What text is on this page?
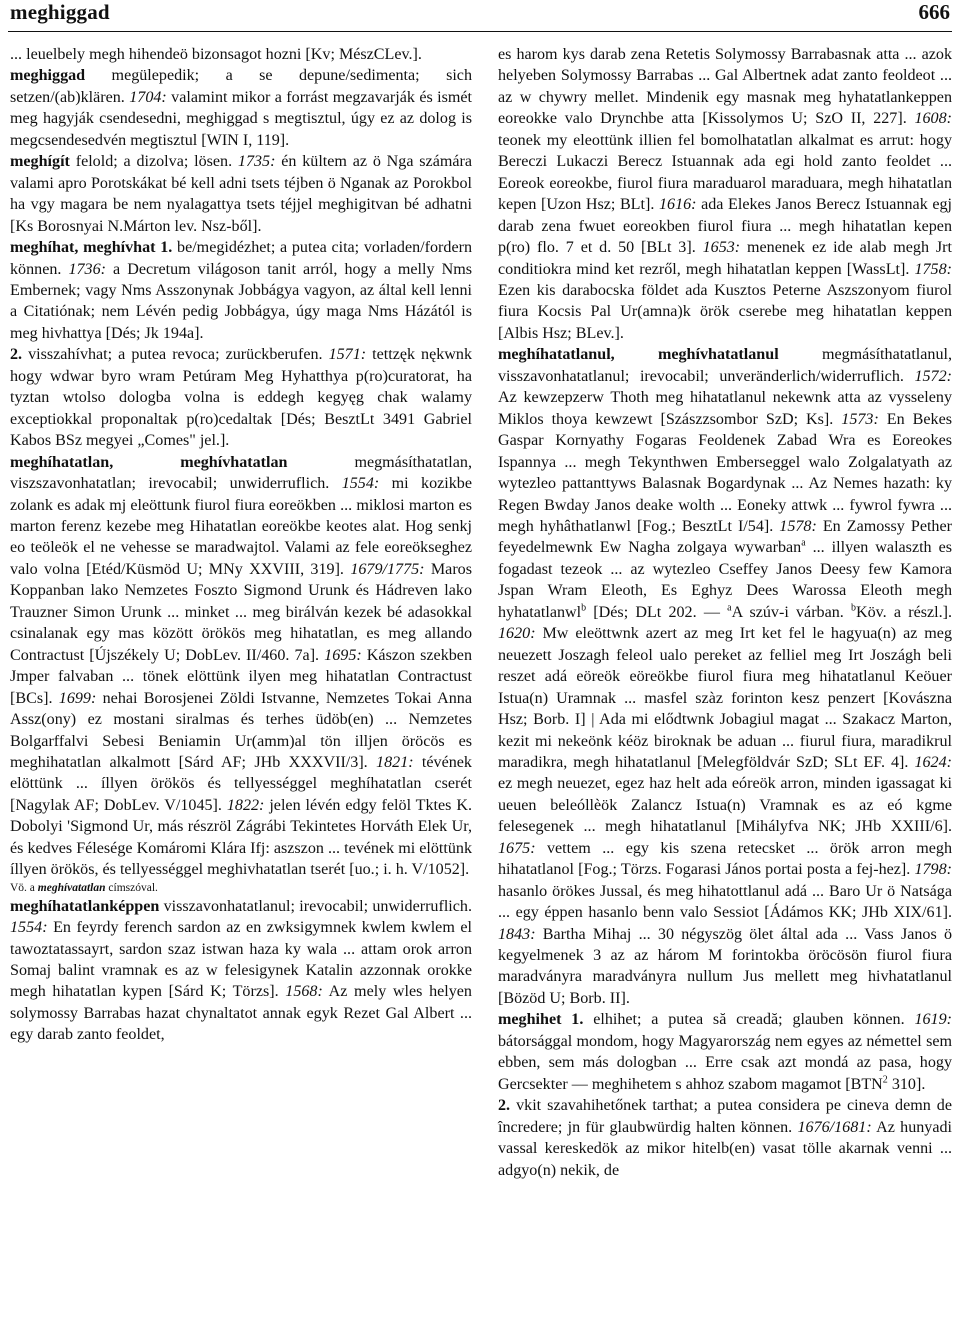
meghiggad	666

... leuelbely megh hihendeö bizonsagot hozni [Kv; MészCLev.].

meghiggad megülepedik; a se depune/sedimenta; sich setzen/(ab)klären. 1704: valamint mikor a forrást megzavarják és ismét meg hagyják csendesedni, meghiggad s megtisztul, úgy ez az dolog is megcsendesedvén megtisztul [WIN I, 119].

meghígít felold; a dizolva; lösen. 1735: én kültem az ö Nga számára valami apro Porotskákat bé kell adni tsets téjben ö Nganak az Porokbol ha vgy magara be nem nyalagattya tsets téjjel meghigitvan bé adhatni [Ks Borosnyai N.Márton lev. Nsz-ből].

meghíhat, meghívhat 1. be/megidézhet; a putea cita; vorladen/fordern können. 1736: a Decretum világoson tanit arról, hogy a melly Nms Embernek; vagy Nms Asszonynak Jobbágya vagyon, az által kell lenni a Citatiónak; nem Lévén pedig Jobbágya, úgy maga Nms Házától is meg hivhattya [Dés; Jk 194a].

2. visszahívhat; a putea revoca; zurückberufen. 1571: tettzęk nękwnk hogy wdwar byro wram Petúram Meg Hyhatthya p(ro)curatorat, ha tyztan wtolso dologba volna is eddegh kegyęg chak walamy exceptiokkal proponaltak p(ro)cedaltak [Dés; BesztLt 3491 Gabriel Kabos BSz megyei „Comes" jel.].

meghíhatatlan, meghívhatatlan megmásíthatatlan, viszszavonhatatlan; irevocabil; unwiderruflich. 1554: mi kozikbe zolank es adak mj eleöttunk fiurol fiura eoreökben ... miklosi marton es marton ferenz kezebe meg Hihatatlan eoreökbe keotes alat. Hog senkj eo teöleök el ne vehesse se maradwajtol. Valami az fele eoreökseghez valo volna [Etéd/Küsmöd U; MNy XXVIII, 319]. 1679/1775: Maros Koppanban lako Nemzetes Foszto Sigmond Urunk és Hádreven lako Trauzner Simon Urunk ... minket ... meg birálván kezek bé adasokkal csinalanak egy mas között örökös meg hihatatlan, es meg allando Contractust [Újszékely U; DobLev. II/460. 7a]. 1695: Kászon szekben Jmper falvaban ... tönek elöttünk ilyen meg hihatatlan Contractust [BCs]. 1699: nehai Borosjenei Zöldi Istvanne, Nemzetes Tokai Anna Assz(ony) ez mostani siralmas és terhes üdöb(en) ... Nemzetes Bolgarffalvi Sebesi Beniamin Ur(amm)al tön illjen öröcös es meghihatatlan alkalmott [Sárd AF; JHb XXXVII/3]. 1821: tévének elöttünk ... íllyen örökös és tellyességgel meghíhatatlan cserét [Nagylak AF; DobLev. V/1045]. 1822: jelen lévén edgy felöl Tktes K. Dobolyi 'Sigmond Ur, más részröl Zágrábi Tekintetes Horváth Elek Ur, és kedves Félesége Komáromi Klára Ifj: aszszon ... tevének mi elöttünk íllyen örökös, és tellyességgel meghivhatatlan tserét [uo.; i. h. V/1052].

Vö. a meghívatatlan címszóval.

meghíhatatlanképpen visszavonhatatlanul; irevocabil; unwiderruflich. 1554: En feyrdy ferench sardon az en zwksigymnek kwlem kwlem el tawoztatassayrt, sardon szaz istwan haza ky wala ... attam orok arron Somaj balint vramnak es az w felesigynek Katalin azzonnak orokke megh hihatatlan kypen [Sárd K; Törzs]. 1568: Az mely wles helyen solymossy Barrabas hazat chynaltatot annak egyk Rezet Gal Albert ... egy darab zanto feoldet,

es harom kys darab zena Retetis Solymossy Barrabasnak atta ... azok helyeben Solymossy Barrabas ... Gal Albertnek adat zanto feoldeot ... az w chywry mellet. Mindenik egy masnak meg hyhatatlankeppen eoreokke valo Drynchbe atta [Kissolymos U; SzO II, 227]. 1608: teonek my eleottünk illien fel bomolhatatlan alkalmat es arrut: hogy Bereczi Lukaczi Berecz Istuannak ada egi hold zanto feoldet ... Eoreok eoreokbe, fiurol fiura maraduarol maraduara, megh hihatatlan kepen [Uzon Hsz; BLt]. 1616: ada Elekes Janos Berecz Istuannak egj darab zena fwuet eoreokben fiurol fiura ... megh hihatatlan kepen p(ro) flo. 7 et d. 50 [BLt 3]. 1653: menenek ez ide alab megh Jrt conditiokra mind ket rezről, megh hihatatlan keppen [WassLt]. 1758: Ezen kis darabocska földet ada Kusztos Peterne Aszszonyom fiurol fiura Kocsis Pal Ur(amna)k örök cserebe meg hihatatlan keppen [Albis Hsz; BLev.].

meghíhatatlanul, meghívhatatlanul megmásíthatatlanul, visszavonhatatlanul; irevocabil; unveränderlich/widerruflich. 1572: Az kewzepzerw Thoth meg hihatatlanul nekewnk atta az vysseleny Miklos thoya kewzewt [Szászzsombor SzD; Ks]. 1573: En Bekes Gaspar Kornyathy Fogaras Feoldenek Zabad Wra es Eoreokes Ispannya ... megh Tekynthwen Emberseggel walo Zolgalatyath az wytezleo pattanttyws Balasnak Bogardynak ... Az Nemes hazath: ky Regen Bwday Janos deake wolth ... Eoneky attwk ... fywrol fywra ... megh hyhâthatlanwl [Fog.; BesztLt I/54]. 1578: En Zamossy Pether feyedelmewnk Ew Nagha zolgaya wywarban$^a$ ... illyen walaszth es fogadast tezeok ... az wytezleo Cseffey Janos Deesy few Kamora Jspan Wram Eleoth, Es Eghyz Dees Warossa Eleoth megh hyhatatlanwl$^b$ [Dés; DLt 202. — $^a$A szúv-i várban. $^b$Köv. a részl.]. 1620: Mw eleöttwnk azert az meg Irt ket fel le hagyua(n) az meg neuezett Joszagh feleol ualo pereket az felliel meg Irt Joszágh beli reszet adá eöreök eöreökbe fiurol fiura meg hihatatlanul Keöuer Istua(n) Uramnak ... masfel szàz forinton kesz penzert [Kovászna Hsz; Borb. I] | Ada mi elődtwnk Jobagiul magat ... Szakacz Marton, kezit mi nekeönk kéöz biroknak be aduan ... fiurul fiura, maradikrul maradikra, megh hihatatlanul [Melegföldvár SzD; SLt EF. 4]. 1624: ez megh neuezet, egez haz helt ada eóreök arron, minden igassagat ki ueuen beleóllèök Zalancz Istua(n) Vramnak es az eó kgme felesegenek ... megh hihatatlanul [Mihályfva NK; JHb XXIII/6]. 1675: vettem ... egy kis szena retecsket ... örök arron megh hihatatlanol [Fog.; Törzs. Fogarasi János portai posta a fej-hez]. 1798: hasanlo örökes Jussal, és meg hihatottlanul adá ... Baro Ur ö Natsága ... egy éppen hasanlo benn valo Sessiot [Ádámos KK; JHb XIX/61]. 1843: Bartha Mihaj ... 30 négyszög ölet által ada ... Vass Janos ö kegyelmenek 3 az az három M forintokba öröcösön fiurol fiura maradványra maradványra nullum Jus mellett meg hivhatatlanul [Bözöd U; Borb. II].

meghihet 1. elhihet; a putea să creadă; glauben können. 1619: bátorsággal mondom, hogy Magyarország nem egyes az némettel sem ebben, sem más dologban ... Erre csak azt mondá az pasa, hogy Gercsekter — meghihetem s ahhoz szabom magamot [BTN$^2$ 310].

2. vkit szavahihetőnek tarthat; a putea considera pe cineva demn de încredere; jn für glaubwürdig halten können. 1676/1681: Az hunyadi vassal kereskedök az mikor hitelb(en) vasat tölle akarnak venni ... adgyo(n) nekik, de
